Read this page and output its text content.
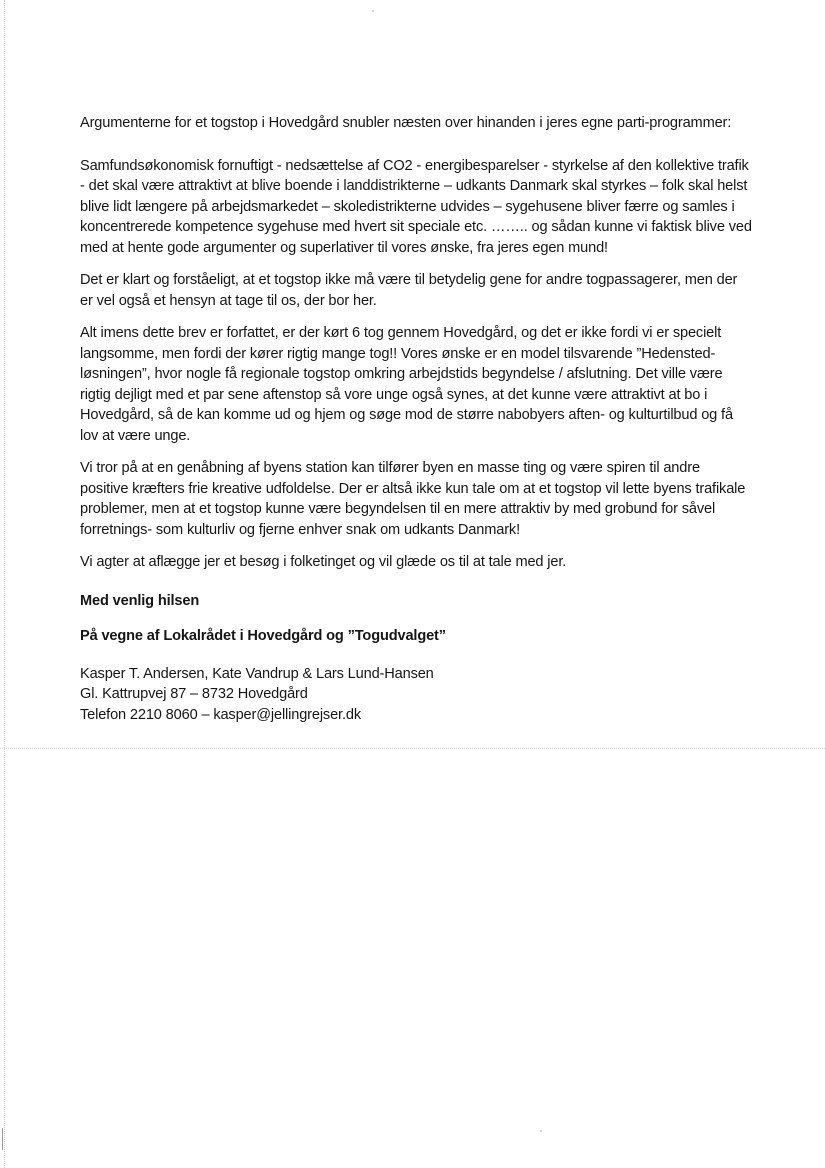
Argumenterne for et togstop i Hovedgård snubler næsten over hinanden i jeres egne parti-programmer:

Samfundsøkonomisk fornuftigt - nedsættelse af CO2 - energibesparelser - styrkelse af den kollektive trafik - det skal være attraktivt at blive boende i landdistrikterne – udkants Danmark skal styrkes – folk skal helst blive lidt længere på arbejdsmarkedet – skoledistrikterne udvides – sygehusene bliver færre og samles i koncentrerede kompetence sygehuse med hvert sit speciale etc. …….. og sådan kunne vi faktisk blive ved med at hente gode argumenter og superlativer til vores ønske, fra jeres egen mund!

Det er klart og forståeligt, at et togstop ikke må være til betydelig gene for andre togpassagerer, men der er vel også et hensyn at tage til os, der bor her.

Alt imens dette brev er forfattet, er der kørt 6 tog gennem Hovedgård, og det er ikke fordi vi er specielt langsomme, men fordi der kører rigtig mange tog!! Vores ønske er en model tilsvarende ”Hedensted-løsningen”, hvor nogle få regionale togstop omkring arbejdstids begyndelse / afslutning. Det ville være rigtig dejligt med et par sene aftenstop så vore unge også synes, at det kunne være attraktivt at bo i Hovedgård, så de kan komme ud og hjem og søge mod de større nabobyers aften- og kulturtilbud og få lov at være unge.

Vi tror på at en genåbning af byens station kan tilfører byen en masse ting og være spiren til andre positive kræfters frie kreative udfoldelse. Der er altså ikke kun tale om at et togstop vil lette byens trafikale problemer, men at et togstop kunne være begyndelsen til en mere attraktiv by med grobund for såvel forretnings- som kulturliv og fjerne enhver snak om udkants Danmark!

Vi agter at aflægge jer et besøg i folketinget og vil glæde os til at tale med jer.

Med venlig hilsen

På vegne af Lokalrådet i Hovedgård og ”Togudvalget”

Kasper T. Andersen, Kate Vandrup & Lars Lund-Hansen
Gl. Kattrupvej 87 – 8732 Hovedgård
Telefon 2210 8060 – kasper@jellingrejser.dk
